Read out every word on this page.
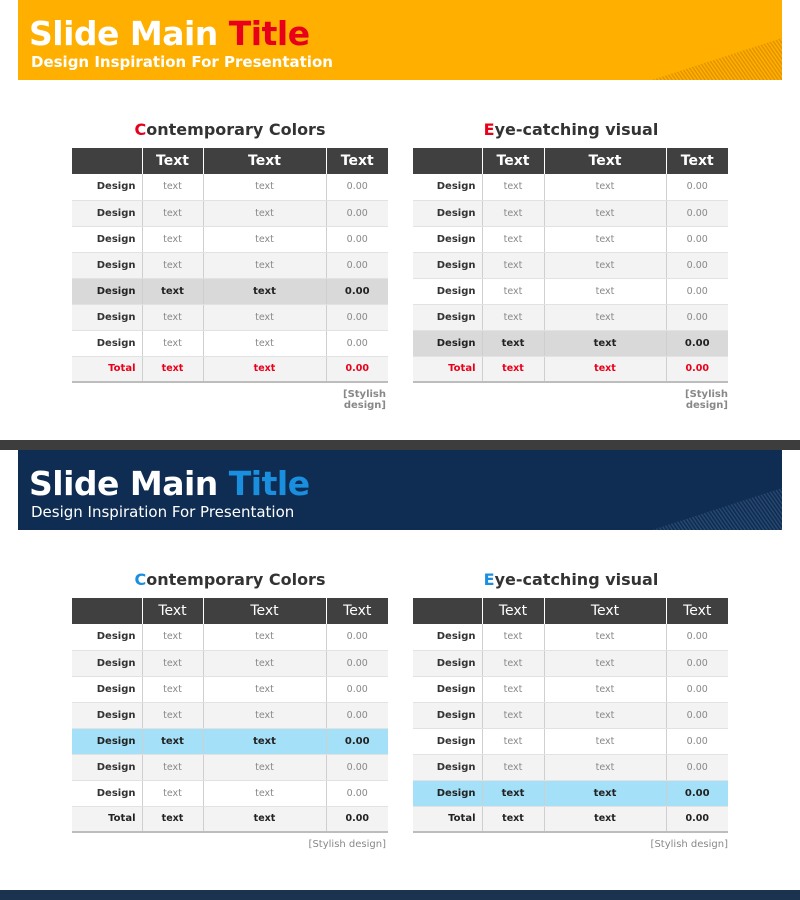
Slide Main Title
Design Inspiration For Presentation
Contemporary Colors
	Text	Text	Text
Design	text	text	0.00
Design	text	text	0.00
Design	text	text	0.00
Design	text	text	0.00
Design	text	text	0.00
Design	text	text	0.00
Design	text	text	0.00
Total	text	text	0.00
[Stylish design]
Eye-catching visual
	Text	Text	Text
Design	text	text	0.00
Design	text	text	0.00
Design	text	text	0.00
Design	text	text	0.00
Design	text	text	0.00
Design	text	text	0.00
Design	text	text	0.00
Total	text	text	0.00
[Stylish design]
Slide Main Title
Design Inspiration For Presentation
Contemporary Colors
	Text	Text	Text
Design	text	text	0.00
Design	text	text	0.00
Design	text	text	0.00
Design	text	text	0.00
Design	text	text	0.00
Design	text	text	0.00
Design	text	text	0.00
Total	text	text	0.00
[Stylish design]
Eye-catching visual
	Text	Text	Text
Design	text	text	0.00
Design	text	text	0.00
Design	text	text	0.00
Design	text	text	0.00
Design	text	text	0.00
Design	text	text	0.00
Design	text	text	0.00
Total	text	text	0.00
[Stylish design]
